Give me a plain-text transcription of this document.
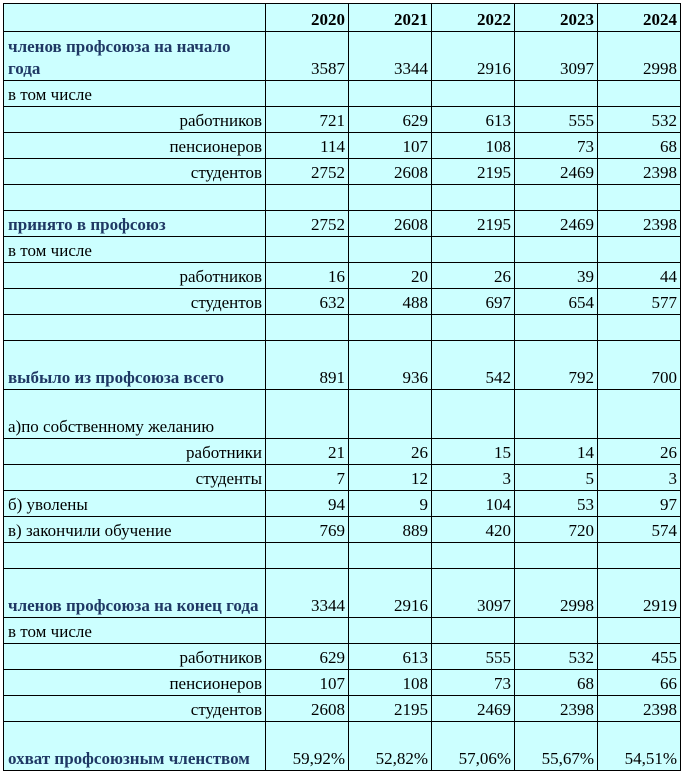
	2020	2021	2022	2023	2024
членов профсоюза на начало года	3587	3344	2916	3097	2998
в том числе					
работников	721	629	613	555	532
пенсионеров	114	107	108	73	68
студентов	2752	2608	2195	2469	2398

принято в профсоюз	2752	2608	2195	2469	2398
в том числе					
работников	16	20	26	39	44
студентов	632	488	697	654	577

выбыло из профсоюза всего	891	936	542	792	700
а)по собственному желанию					
работники	21	26	15	14	26
студенты	7	12	3	5	3
б) уволены	94	9	104	53	97
в) закончили обучение	769	889	420	720	574

членов профсоюза на конец года	3344	2916	3097	2998	2919
в том числе					
работников	629	613	555	532	455
пенсионеров	107	108	73	68	66
студентов	2608	2195	2469	2398	2398
охват профсоюзным членством	59,92%	52,82%	57,06%	55,67%	54,51%
